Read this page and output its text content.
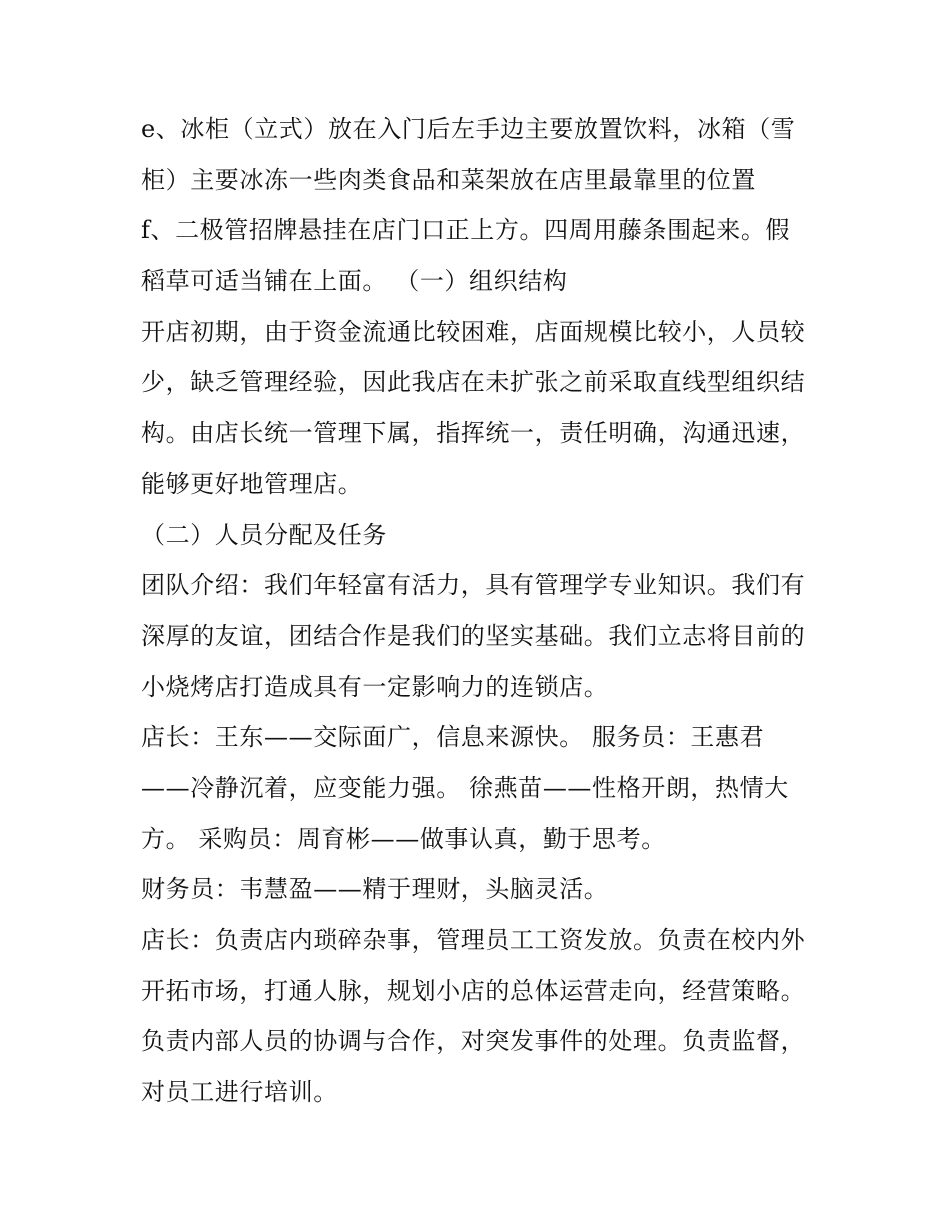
e、冰柜（立式）放在入门后左手边主要放置饮料，冰箱（雪
柜）主要冰冻一些肉类食品和菜架放在店里最靠里的位置
f、二极管招牌悬挂在店门口正上方。四周用藤条围起来。假
稻草可适当铺在上面。 （一）组织结构
开店初期，由于资金流通比较困难，店面规模比较小，人员较
少，缺乏管理经验，因此我店在未扩张之前采取直线型组织结
构。由店长统一管理下属，指挥统一，责任明确，沟通迅速，
能够更好地管理店。
（二）人员分配及任务
团队介绍：我们年轻富有活力，具有管理学专业知识。我们有
深厚的友谊，团结合作是我们的坚实基础。我们立志将目前的
小烧烤店打造成具有一定影响力的连锁店。
店长：王东——交际面广，信息来源快。 服务员：王惠君
——冷静沉着，应变能力强。 徐燕苗——性格开朗，热情大
方。 采购员：周育彬——做事认真，勤于思考。
财务员：韦慧盈——精于理财，头脑灵活。
店长：负责店内琐碎杂事，管理员工工资发放。负责在校内外
开拓市场，打通人脉，规划小店的总体运营走向，经营策略。
负责内部人员的协调与合作，对突发事件的处理。负责监督，
对员工进行培训。
